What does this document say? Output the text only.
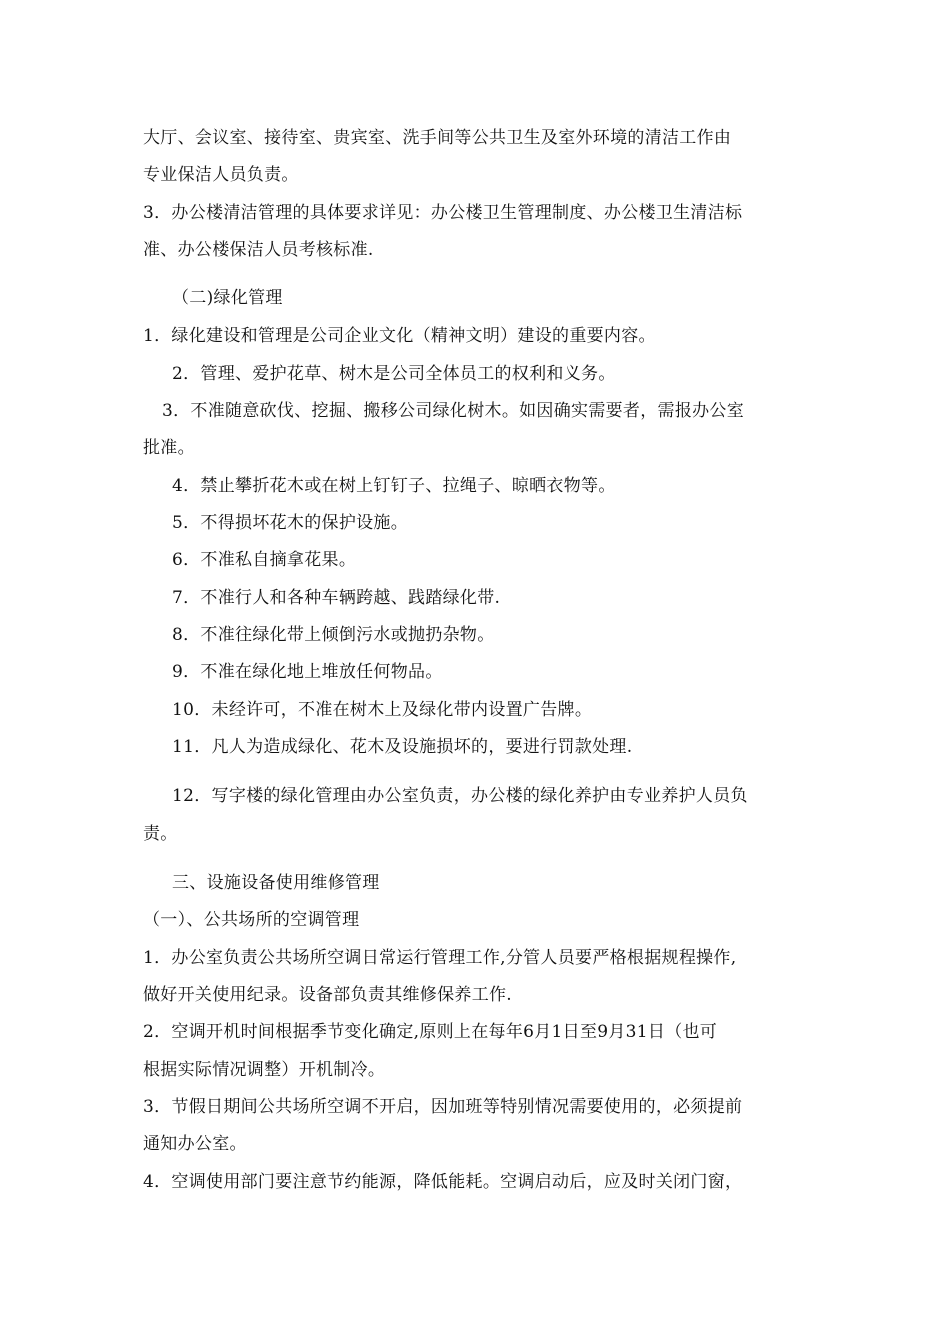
大厅、会议室、接待室、贵宾室、洗手间等公共卫生及室外环境的清洁工作由
专业保洁人员负责。
3．办公楼清洁管理的具体要求详见：办公楼卫生管理制度、办公楼卫生清洁标
准、办公楼保洁人员考核标准.
（二)绿化管理
1．绿化建设和管理是公司企业文化（精神文明）建设的重要内容。
2．管理、爱护花草、树木是公司全体员工的权利和义务。
3．不准随意砍伐、挖掘、搬移公司绿化树木。如因确实需要者，需报办公室
批准。
4．禁止攀折花木或在树上钉钉子、拉绳子、晾晒衣物等。
5．不得损坏花木的保护设施。
6．不准私自摘拿花果。
7．不准行人和各种车辆跨越、践踏绿化带.
8．不准往绿化带上倾倒污水或抛扔杂物。
9．不准在绿化地上堆放任何物品。
10．未经许可，不准在树木上及绿化带内设置广告牌。
11．凡人为造成绿化、花木及设施损坏的，要进行罚款处理.
12．写字楼的绿化管理由办公室负责，办公楼的绿化养护由专业养护人员负
责。
三、设施设备使用维修管理
（一）、公共场所的空调管理
1．办公室负责公共场所空调日常运行管理工作,分管人员要严格根据规程操作,
做好开关使用纪录。设备部负责其维修保养工作.
2．空调开机时间根据季节变化确定,原则上在每年6月1日至9月31日（也可
根据实际情况调整）开机制冷。
3．节假日期间公共场所空调不开启，因加班等特别情况需要使用的，必须提前
通知办公室。
4．空调使用部门要注意节约能源，降低能耗。空调启动后，应及时关闭门窗，
